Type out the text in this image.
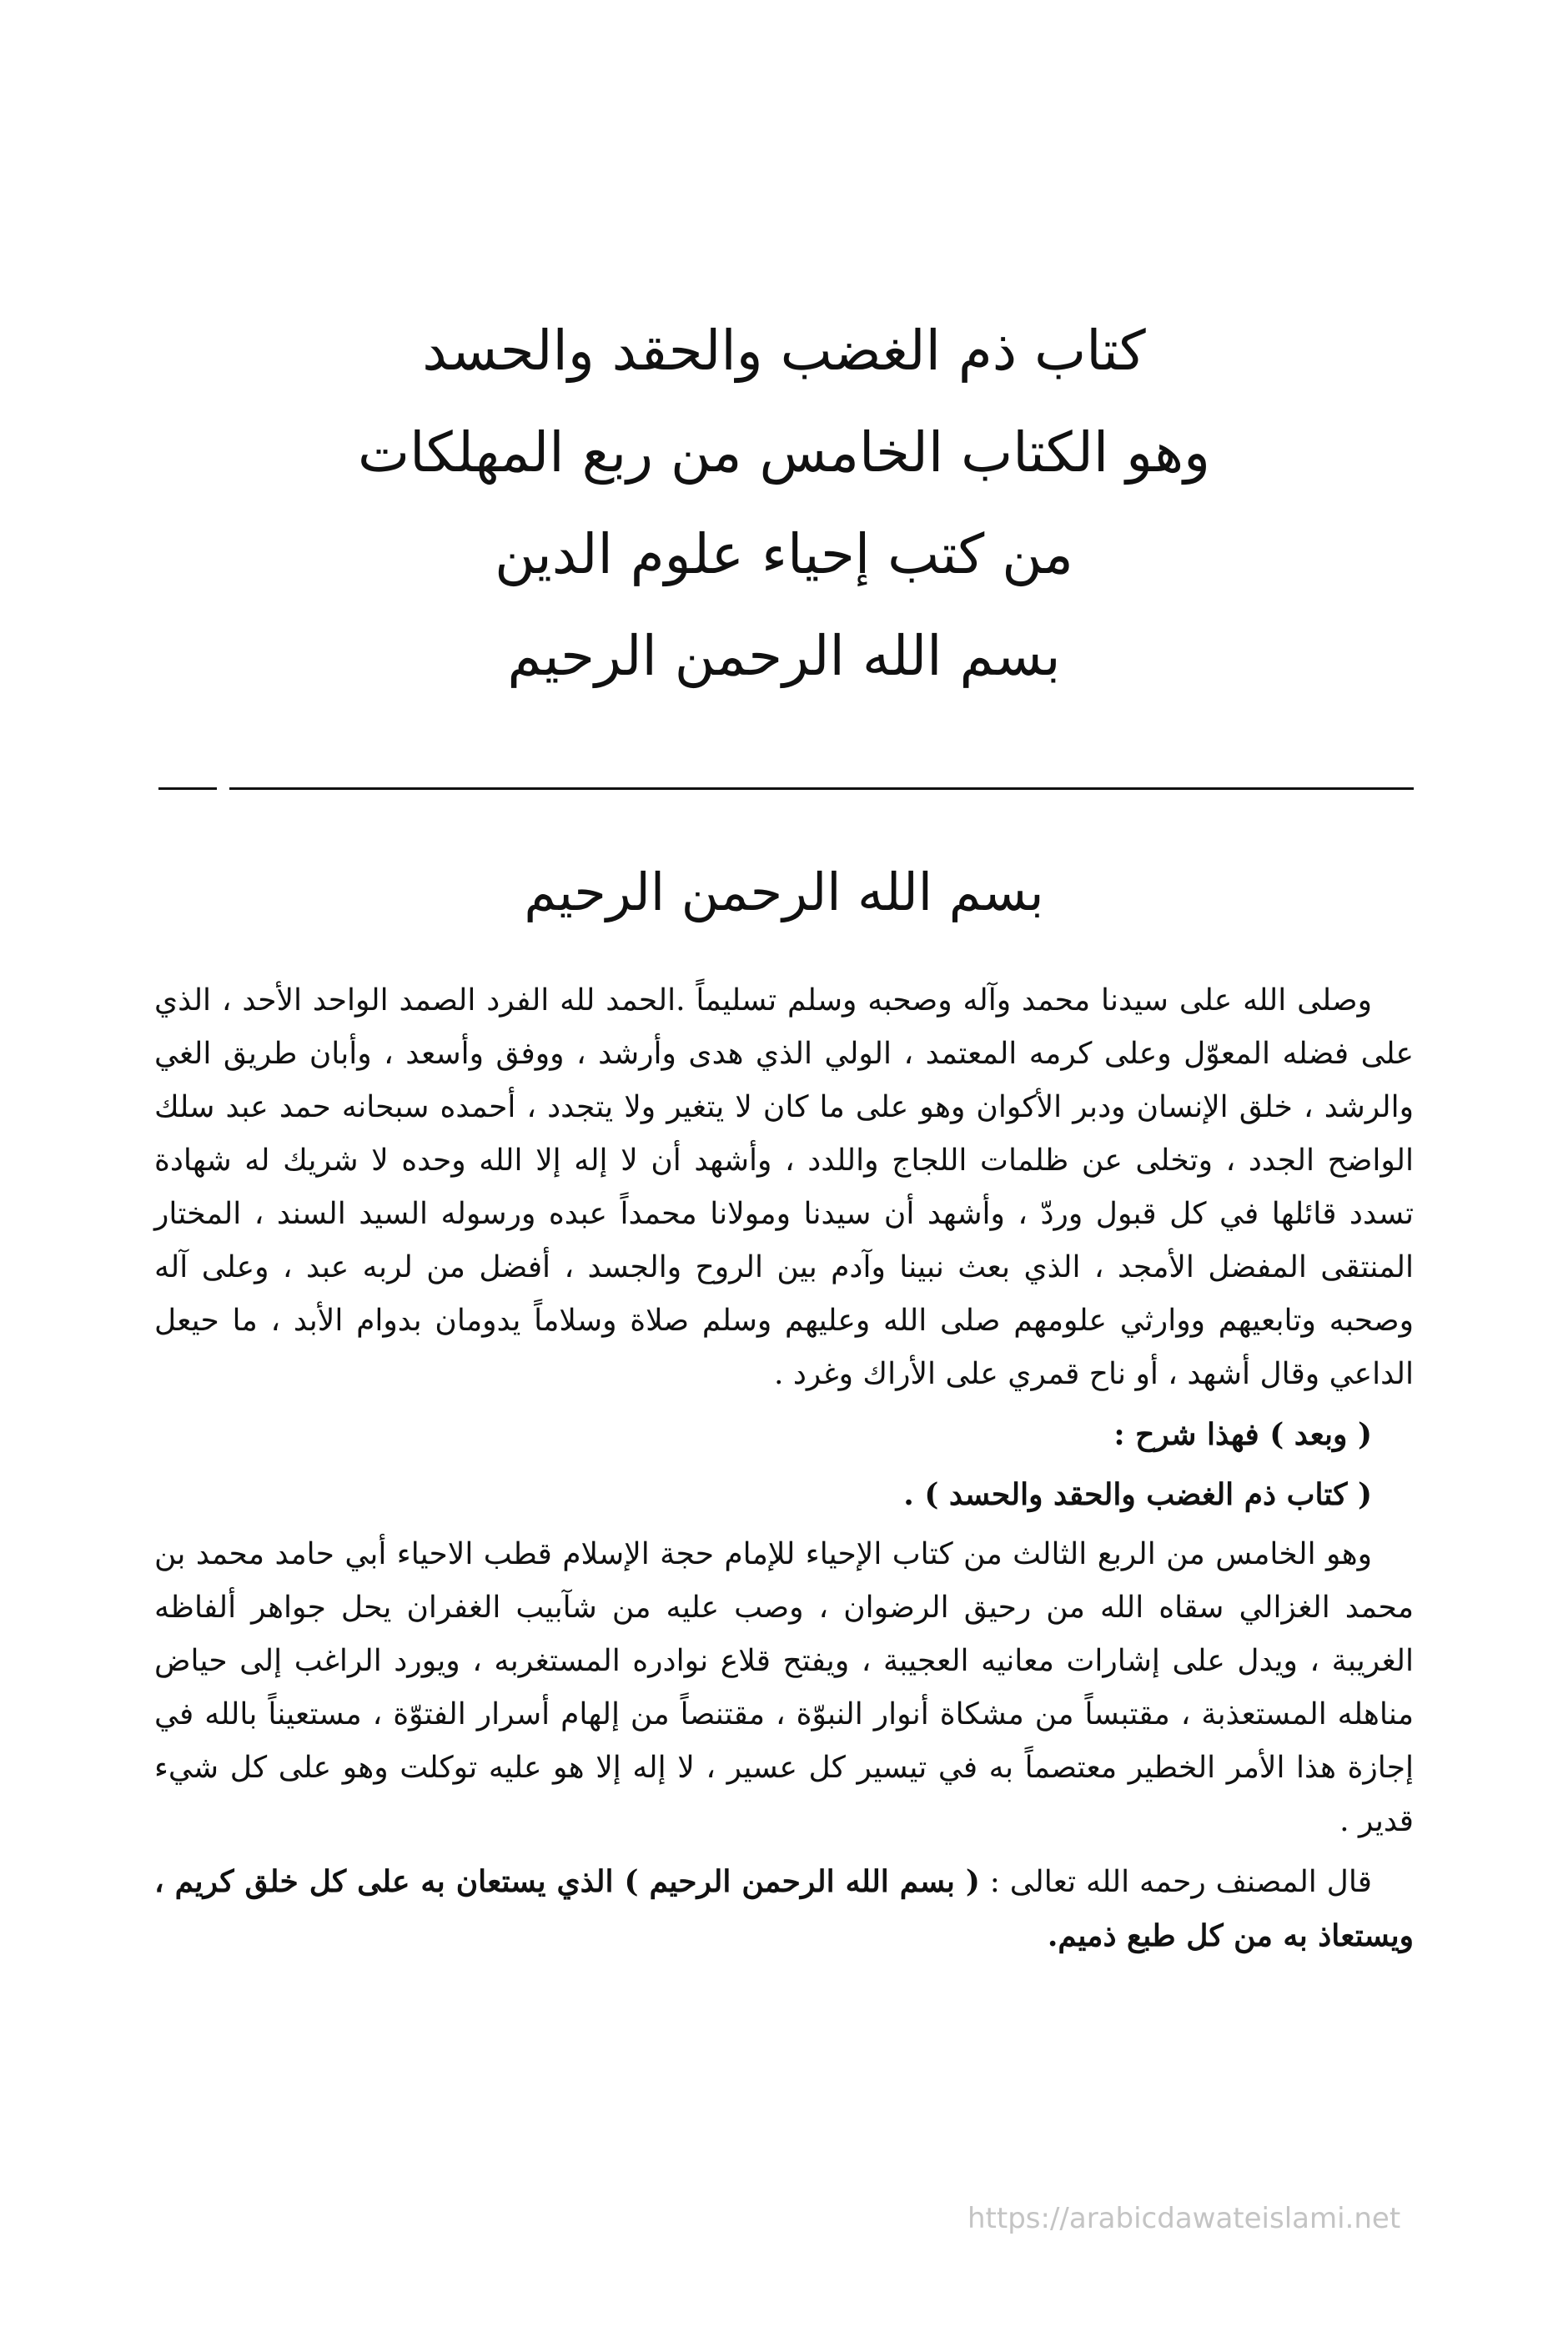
كتاب ذم الغضب والحقد والحسد
وهو الكتاب الخامس من ربع المهلكات
من كتب إحياء علوم الدين
بسم الله الرحمن الرحيم
بسم الله الرحمن الرحيم

وصلى الله على سيدنا محمد وآله وصحبه وسلم تسليماً .الحمد لله الفرد الصمد الواحد الأحد ، الذي على فضله المعوّل وعلى كرمه المعتمد ، الولي الذي هدى وأرشد ، ووفق وأسعد ، وأبان طريق الغي والرشد ، خلق الإنسان ودبر الأكوان وهو على ما كان لا يتغير ولا يتجدد ، أحمده سبحانه حمد عبد سلك الواضح الجدد ، وتخلى عن ظلمات اللجاج واللدد ، وأشهد أن لا إله إلا الله وحده لا شريك له شهادة تسدد قائلها في كل قبول وردّ ، وأشهد أن سيدنا ومولانا محمداً عبده ورسوله السيد السند ، المختار المنتقى المفضل الأمجد ، الذي بعث نبينا وآدم بين الروح والجسد ، أفضل من لربه عبد ، وعلى آله وصحبه وتابعيهم ووارثي علومهم صلى الله وعليهم وسلم صلاة وسلاماً يدومان بدوام الأبد ، ما حيعل الداعي وقال أشهد ، أو ناح قمري على الأراك وغرد .

( وبعد ) فهذا شرح :

( كتاب ذم الغضب والحقد والحسد ) .

وهو الخامس من الربع الثالث من كتاب الإحياء للإمام حجة الإسلام قطب الاحياء أبي حامد محمد بن محمد الغزالي سقاه الله من رحيق الرضوان ، وصب عليه من شآبيب الغفران يحل جواهر ألفاظه الغريبة ، ويدل على إشارات معانيه العجيبة ، ويفتح قلاع نوادره المستغربه ، ويورد الراغب إلى حياض مناهله المستعذبة ، مقتبساً من مشكاة أنوار النبوّة ، مقتنصاً من إلهام أسرار الفتوّة ، مستعيناً بالله في إجازة هذا الأمر الخطير معتصماً به في تيسير كل عسير ، لا إله إلا هو عليه توكلت وهو على كل شيء قدير .

قال المصنف رحمه الله تعالى : ( بسم الله الرحمن الرحيم ) الذي يستعان به على كل خلق كريم ، ويستعاذ به من كل طبع ذميم.

https://arabicdawateislami.net
